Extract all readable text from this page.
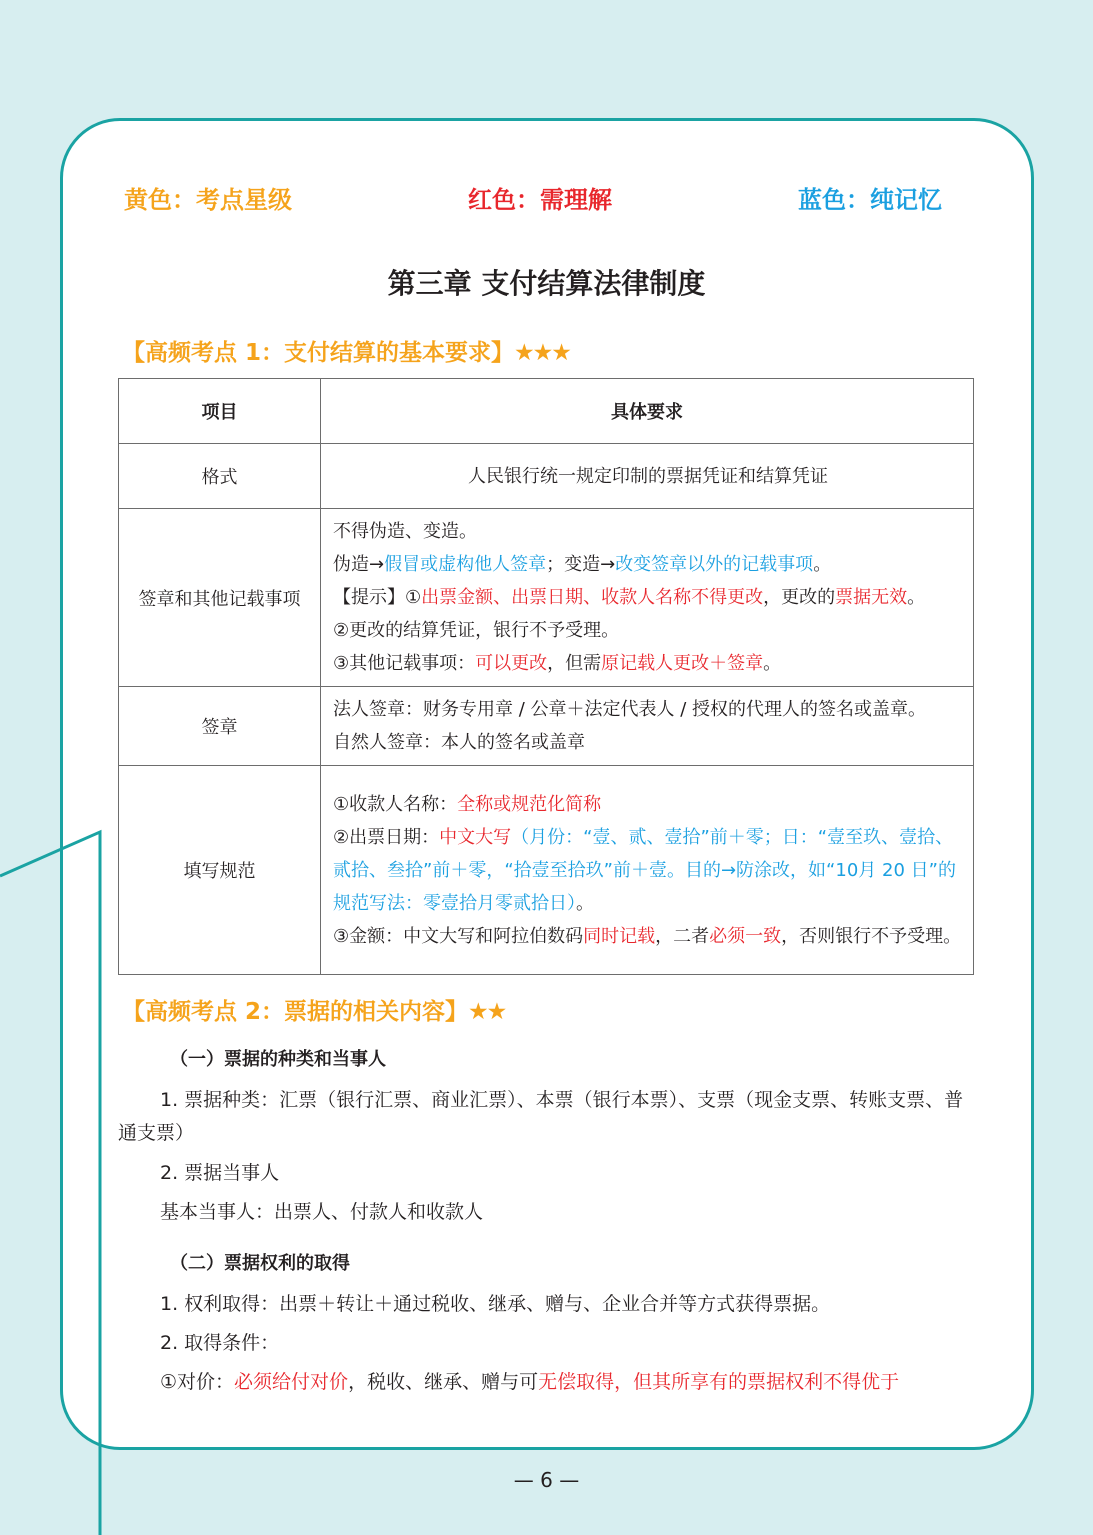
黄色：考点星级	红色：需理解	蓝色：纯记忆
第三章 支付结算法律制度
【高频考点 1：支付结算的基本要求】★★★
项目	具体要求
格式	人民银行统一规定印制的票据凭证和结算凭证

签章和其他记载事项	不得伪造、变造。
伪造→假冒或虚构他人签章；变造→改变签章以外的记载事项。
【提示】①出票金额、出票日期、收款人名称不得更改，更改的票据无效。
②更改的结算凭证，银行不予受理。
③其他记载事项：可以更改，但需原记载人更改＋签章。

签章	法人签章：财务专用章 / 公章＋法定代表人 / 授权的代理人的签名或盖章。
自然人签章：本人的签名或盖章

填写规范	①收款人名称：全称或规范化简称
②出票日期：中文大写（月份：“壹、贰、壹拾”前＋零；日：“壹至玖、壹拾、贰拾、叁拾”前＋零，“拾壹至拾玖”前＋壹。目的→防涂改，如“10月 20 日”的规范写法：零壹拾月零贰拾日）。
③金额：中文大写和阿拉伯数码同时记载，二者必须一致，否则银行不予受理。
【高频考点 2：票据的相关内容】★★
（一）票据的种类和当事人
1. 票据种类：汇票（银行汇票、商业汇票）、本票（银行本票）、支票（现金支票、转账支票、普通支票）
2. 票据当事人
基本当事人：出票人、付款人和收款人
（二）票据权利的取得
1. 权利取得：出票＋转让＋通过税收、继承、赠与、企业合并等方式获得票据。
2. 取得条件：
①对价：必须给付对价，税收、继承、赠与可无偿取得，但其所享有的票据权利不得优于
— 6 —
